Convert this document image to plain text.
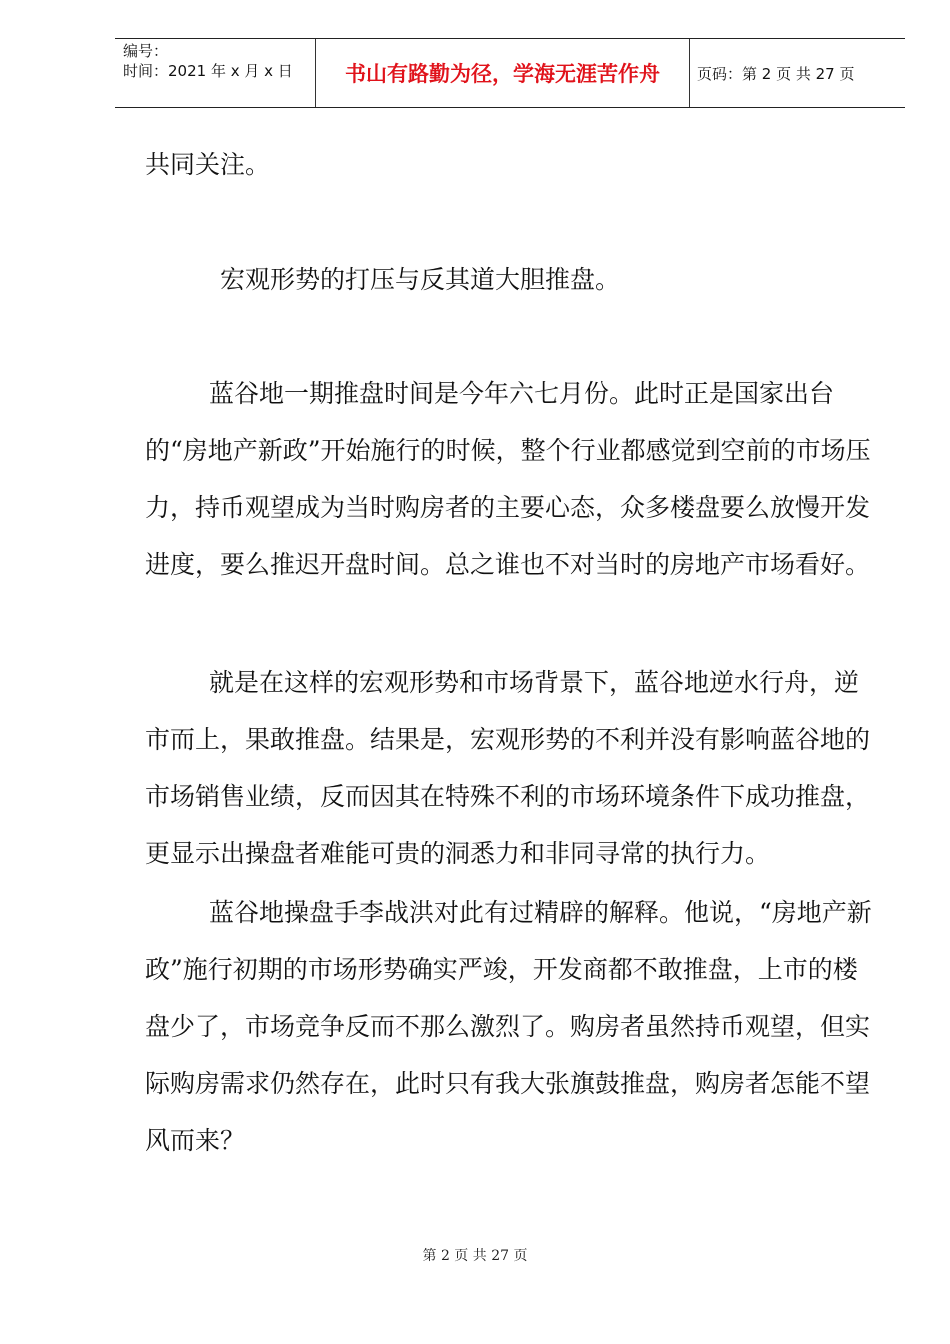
编号：
时间：2021 年 x 月 x 日	书山有路勤为径，学海无涯苦作舟	页码：第 2 页 共 27 页

共同关注。

宏观形势的打压与反其道大胆推盘。

蓝谷地一期推盘时间是今年六七月份。此时正是国家出台的“房地产新政”开始施行的时候，整个行业都感觉到空前的市场压力，持币观望成为当时购房者的主要心态，众多楼盘要么放慢开发进度，要么推迟开盘时间。总之谁也不对当时的房地产市场看好。

就是在这样的宏观形势和市场背景下，蓝谷地逆水行舟，逆市而上，果敢推盘。结果是，宏观形势的不利并没有影响蓝谷地的市场销售业绩，反而因其在特殊不利的市场环境条件下成功推盘，更显示出操盘者难能可贵的洞悉力和非同寻常的执行力。

蓝谷地操盘手李战洪对此有过精辟的解释。他说，“房地产新政”施行初期的市场形势确实严竣，开发商都不敢推盘，上市的楼盘少了，市场竞争反而不那么激烈了。购房者虽然持币观望，但实际购房需求仍然存在，此时只有我大张旗鼓推盘，购房者怎能不望风而来？

第 2 页 共 27 页
